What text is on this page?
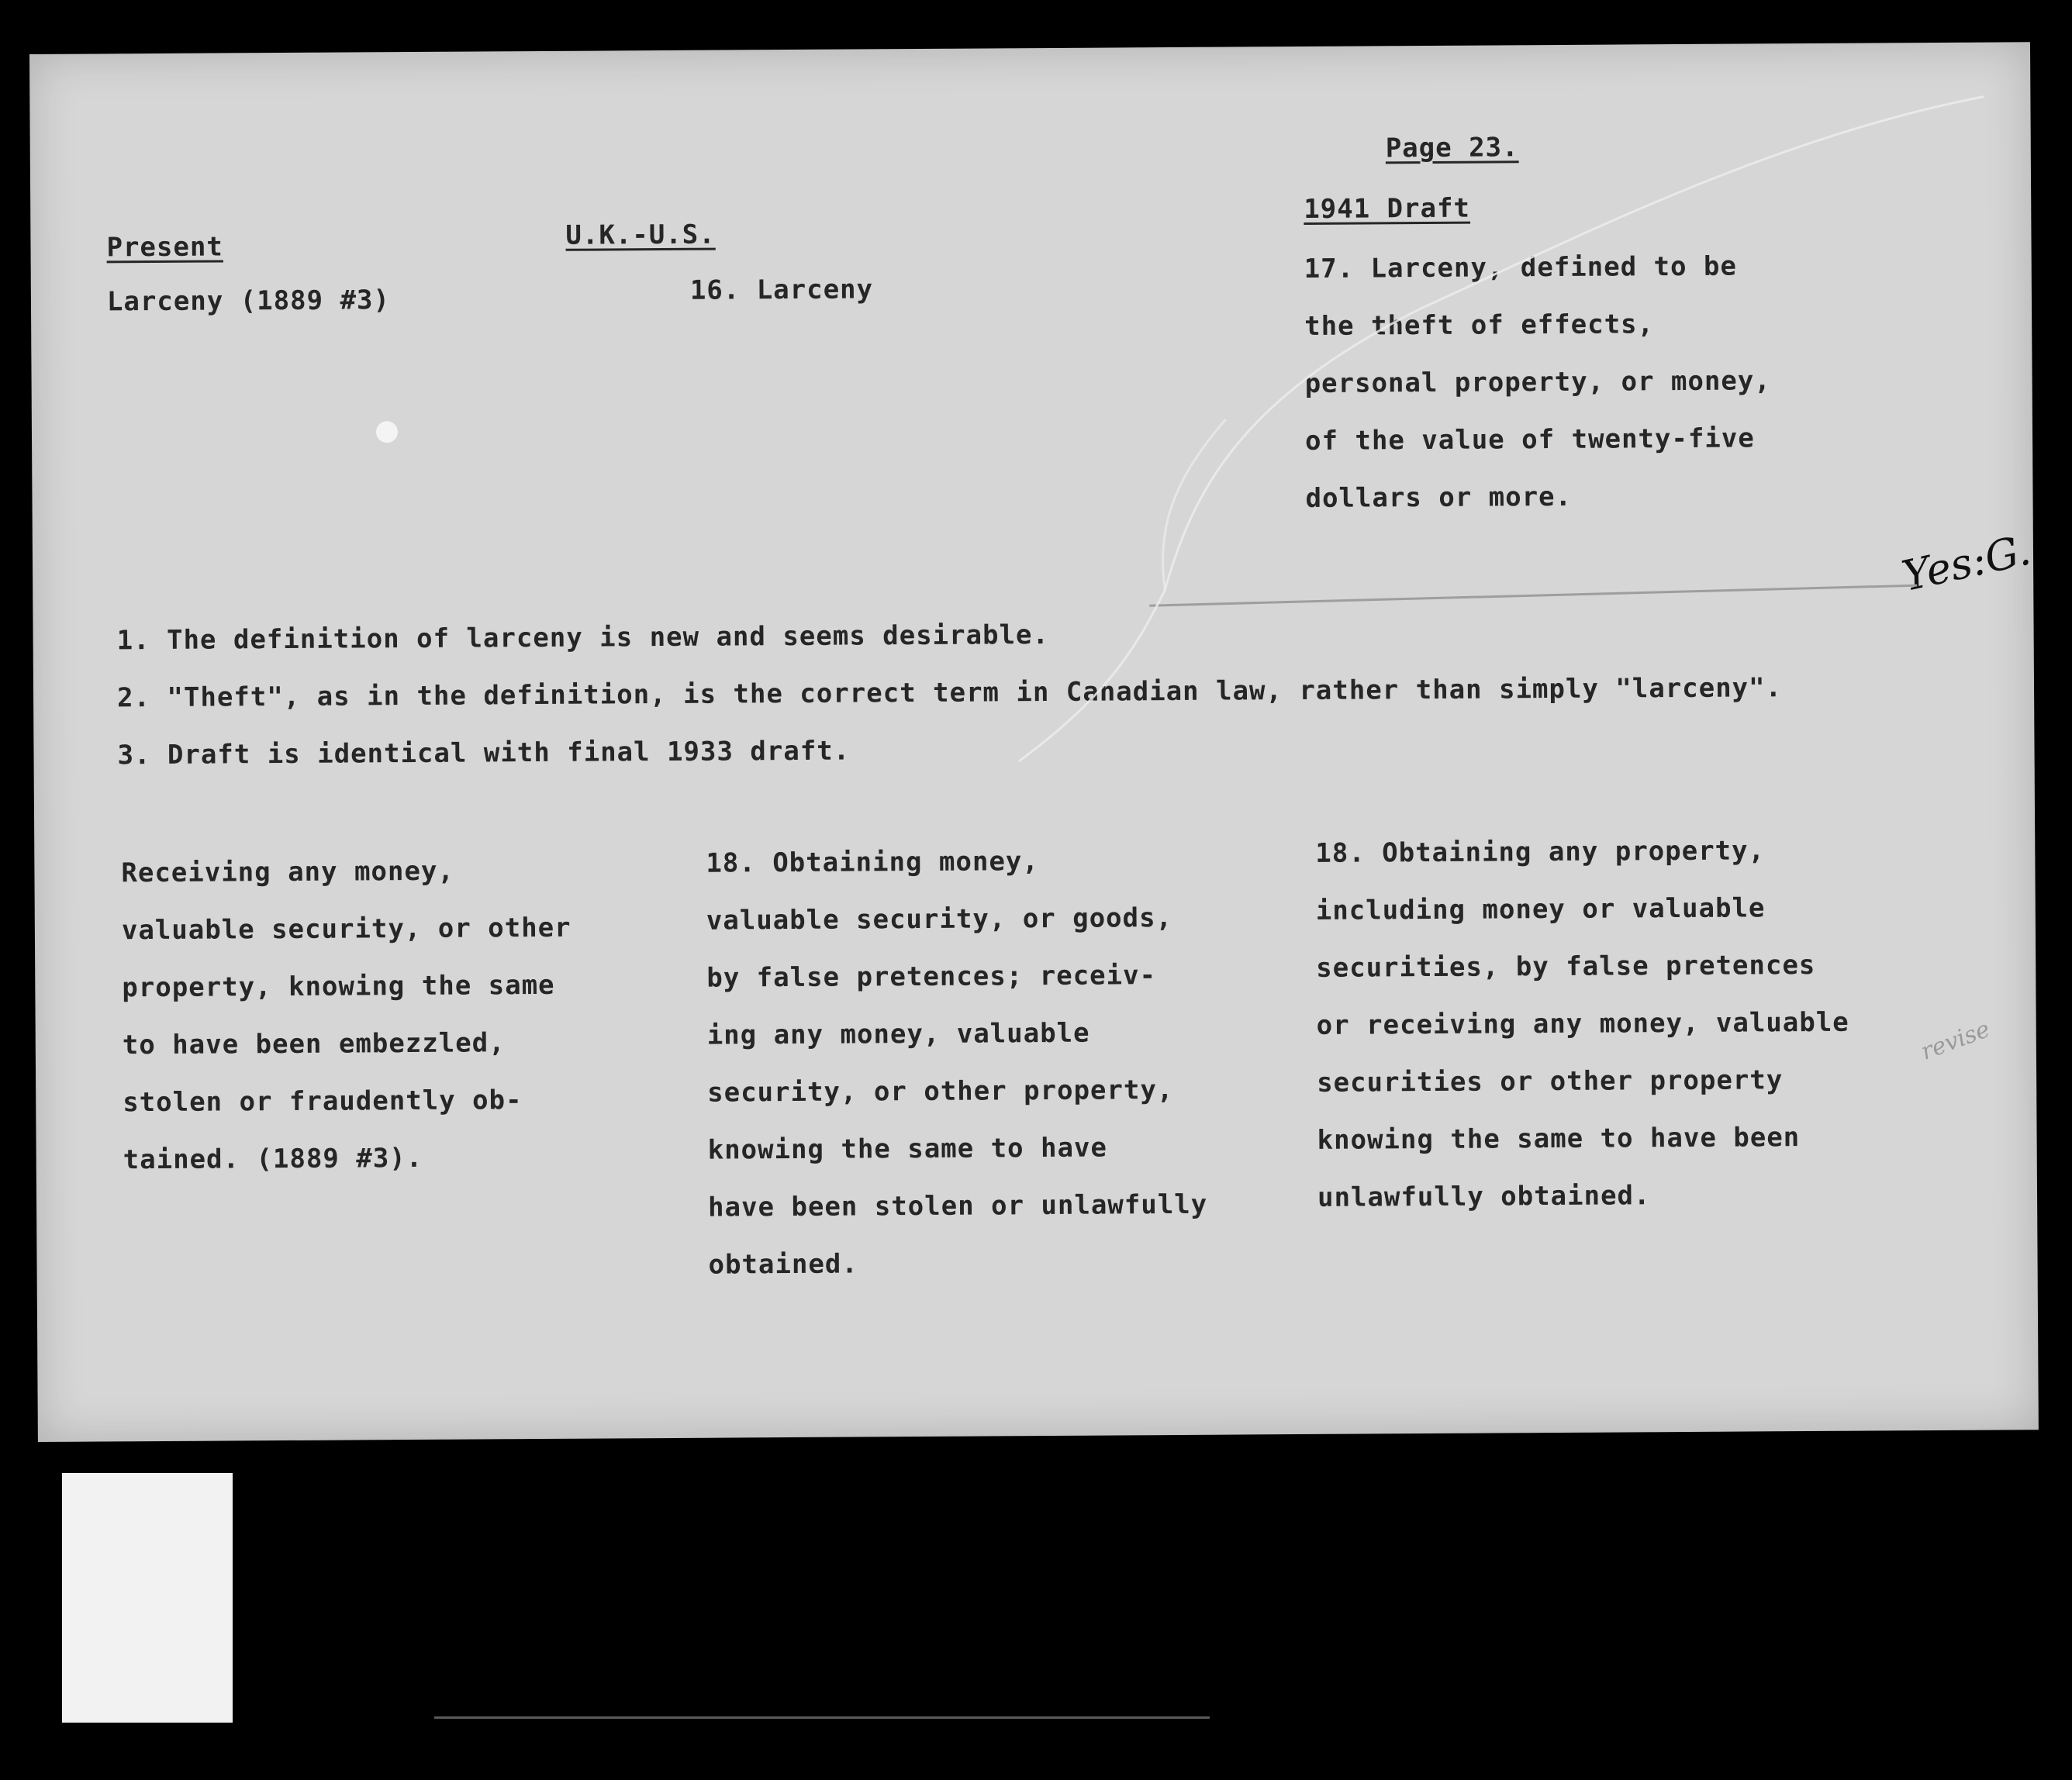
Page 23.
1941 Draft
Present	U.K.-U.S.
Larceny (1889 #3)	16. Larceny
17. Larceny, defined to be
the theft of effects,
personal property, or money,
of the value of twenty-five
dollars or more.
1. The definition of larceny is new and seems desirable.
2. "Theft", as in the definition, is the correct term in Canadian law, rather than simply "larceny".
3. Draft is identical with final 1933 draft.
Receiving any money,
valuable security, or other
property, knowing the same
to have been embezzled,
stolen or fraudently ob-
tained. (1889 #3).
18. Obtaining money,
valuable security, or goods,
by false pretences; receiv-
ing any money, valuable
security, or other property,
knowing the same to have
have been stolen or unlawfully
obtained.
18. Obtaining any property,
including money or valuable
securities, by false pretences
or receiving any money, valuable
securities or other property
knowing the same to have been
unlawfully obtained.
Yes:G.
revise
